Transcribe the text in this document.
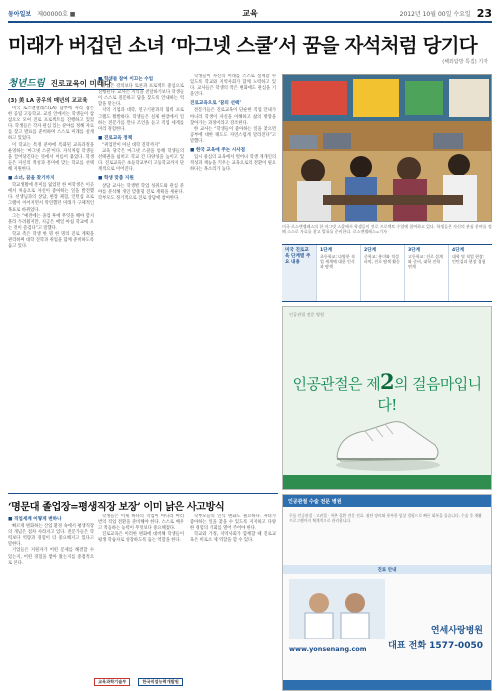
동아일보 제00000호 ■	교육	2012년 10월 00일 수요일 23
미래가 버겁던 소녀 ‘마그넷 스쿨’서 꿈을 자석처럼 당기다
(해외탐방 특집) 기자
청년드림 진로교육이 미래다
(3) 美 LA 공우의 매년의 교교육
미국 로스앤젤레스(LA) 남부에 자리 잡은 한 공립 고등학교. 교실 안에서는 학생들이 삼삼오오 모여 진로 프로젝트를 진행하고 있었다. 학생들은 각자 관심 있는 분야를 정해 자료를 찾고 발표를 준비하며 스스로 미래를 설계하고 있었다.
이 학교는 특정 분야에 특화된 교육과정을 운영하는 ‘마그넷 스쿨’이다. 자석처럼 학생들을 끌어당긴다는 뜻에서 이름이 붙었다. 학생들은 자신의 적성과 흥미에 맞는 학교를 선택해 지원한다.
■ 소녀, 꿈을 찾기까지
학교생활에 흥미를 잃었던 한 여학생은 이곳에서 처음으로 자신이 좋아하는 일을 발견했다. 선생님과의 상담, 현장 체험, 인턴십 프로그램이 이어지면서 막연했던 미래가 구체적인 목표로 바뀌었다.
그는 “예전에는 졸업 후에 무엇을 해야 할지 몰라 두려웠지만, 지금은 매일 아침 학교에 오는 것이 즐겁다”고 말했다.
학교 측은 학생 한 명 한 명의 진로 계획을 관리하며 대학 진학과 취업을 함께 준비하도록 돕고 있다.
■ 학생들 참여 이끄는 수업
수업은 강의보다 토론과 프로젝트 중심으로 진행된다. 교사는 지식을 전달하기보다 학생들이 스스로 질문하고 답을 찾도록 안내하는 역할을 맡는다.
지역 기업과 대학, 연구기관과의 협력 프로그램도 활발하다. 학생들은 실제 현장에서 일하는 전문가를 만나 조언을 듣고 직업 세계를 미리 경험한다.
■ 진로교육 정책
“취업만이 아닌 대학 진학까지”
교육 당국은 마그넷 스쿨을 통해 학생들의 선택권을 넓히고 학교 간 다양성을 높이고 있다. 진로교육은 초등학교부터 고등학교까지 단계적으로 이어진다.
■ 학생 맞춤 지원
상담 교사는 학생별 학업 성취도와 관심 분야를 분석해 개인 맞춤형 진로 계획을 세운다. 학부모도 정기적으로 진로 상담에 참여한다.
학생들이 자신의 미래를 스스로 설계할 수 있도록 학교와 지역사회가 함께 노력하고 있다. 교사들은 학생의 작은 변화에도 관심을 기울인다.
진로교육으로 ‘꿈의 선택’
전문가들은 진로교육이 단순한 직업 안내가 아니라 학생이 자신을 이해하고 삶의 방향을 찾아가는 과정이라고 강조한다.
한 교사는 “학생들이 좋아하는 일을 찾으면 공부에 대한 태도도 자연스럽게 달라진다”고 말했다.
■ 한국 교육에 주는 시사점
입시 중심의 교육에서 벗어나 학생 개개인의 적성과 재능을 키우는 교육으로의 전환이 필요하다는 목소리가 높다.
미국 로스앤젤레스의 한 마그넷 스쿨에서 학생들이 진로 프로젝트 수업에 참여하고 있다. 학생들은 자신의 관심 분야를 정해 스스로 자료를 찾고 발표를 준비한다. 로스앤젤레스=기자
미국 진로교육 단계별 주요 내용
1단계
초등학교: 다양한 직업 세계에 대한 인식과 탐색
2단계
중학교: 흥미와 적성 파악, 진로 탐색 활동
3단계
고등학교: 진로 설계와 준비, 대학 진학 연계
4단계
대학 및 직업 현장: 인턴십과 현장 경험
인공관절 전문 병원
인공관절은 제2의 걸음마입니다!
‘명문대 졸업장=평생직장 보장’ 이미 낡은 사고방식
■ 직업세계 어떻게 변하나
빠르게 변화하는 산업 환경 속에서 평생직장의 개념은 점차 사라지고 있다. 전문가들은 학력보다 역량과 경험이 더 중요해지고 있다고 말한다.
기업들은 지원자가 어떤 문제를 해결할 수 있는지, 어떤 경험을 쌓아 왔는지를 중점적으로 본다.
학생들은 이제 하나의 직업이 아니라 여러 번의 직업 전환을 준비해야 한다. 스스로 배우고 적응하는 능력이 무엇보다 중요해졌다.
진로교육은 이러한 변화에 대비해 학생들이 평생 학습자로 성장하도록 돕는 역할을 한다.
학부모들의 인식 변화도 필요하다. 자녀가 좋아하는 일을 찾을 수 있도록 지지하고 다양한 경험의 기회를 열어 주어야 한다.
학교와 가정, 지역사회가 함께할 때 진로교육은 비로소 제 역할을 할 수 있다.
교육과학기술부	한국직업능력개발원
인공관절 수술 전문 병원
무릎 인공관절 · 고관절 · 척추 질환 전문 진료. 첨단 장비와 풍부한 임상 경험으로 빠른 회복을 돕습니다. 수술 후 재활 프로그램까지 체계적으로 관리합니다.
진료 안내
연세사랑병원
대표 전화 1577-0050
www.yonsenang.com
